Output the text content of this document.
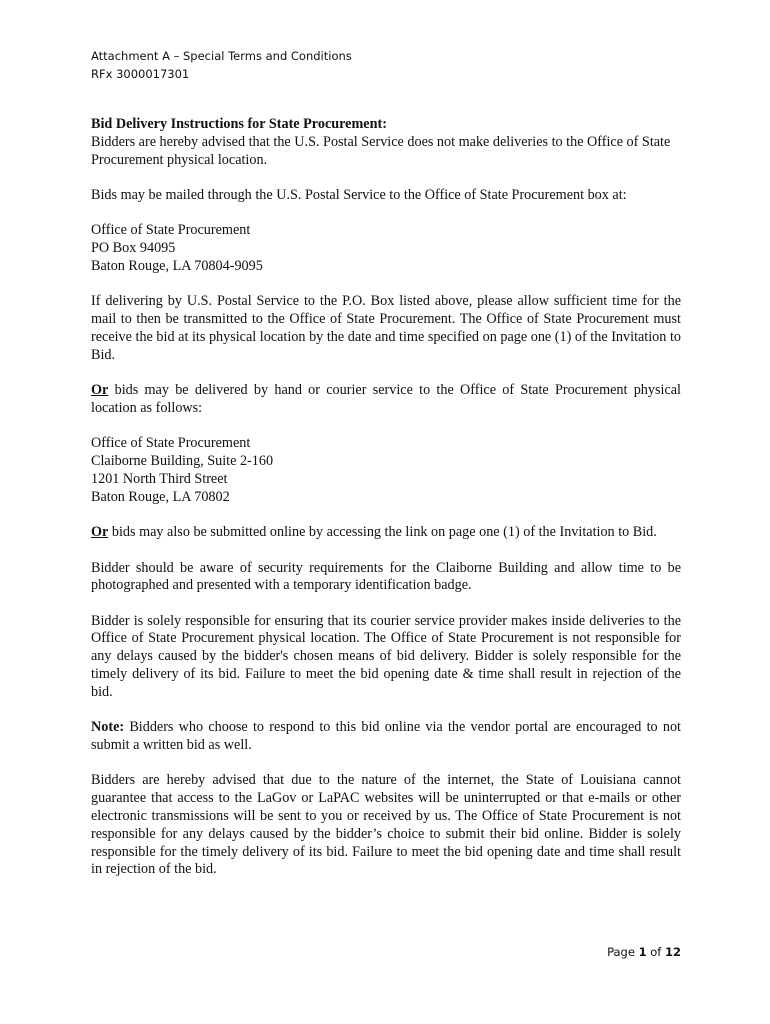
Attachment A – Special Terms and Conditions
RFx 3000017301
Bid Delivery Instructions for State Procurement:

Bidders are hereby advised that the U.S. Postal Service does not make deliveries to the Office of State Procurement physical location.

Bids may be mailed through the U.S. Postal Service to the Office of State Procurement box at:

Office of State Procurement
PO Box 94095
Baton Rouge, LA 70804-9095

If delivering by U.S. Postal Service to the P.O. Box listed above, please allow sufficient time for the mail to then be transmitted to the Office of State Procurement. The Office of State Procurement must receive the bid at its physical location by the date and time specified on page one (1) of the Invitation to Bid.

Or bids may be delivered by hand or courier service to the Office of State Procurement physical location as follows:

Office of State Procurement
Claiborne Building, Suite 2-160
1201 North Third Street
Baton Rouge, LA 70802

Or bids may also be submitted online by accessing the link on page one (1) of the Invitation to Bid.

Bidder should be aware of security requirements for the Claiborne Building and allow time to be photographed and presented with a temporary identification badge.

Bidder is solely responsible for ensuring that its courier service provider makes inside deliveries to the Office of State Procurement physical location. The Office of State Procurement is not responsible for any delays caused by the bidder's chosen means of bid delivery. Bidder is solely responsible for the timely delivery of its bid. Failure to meet the bid opening date & time shall result in rejection of the bid.

Note: Bidders who choose to respond to this bid online via the vendor portal are encouraged to not submit a written bid as well.

Bidders are hereby advised that due to the nature of the internet, the State of Louisiana cannot guarantee that access to the LaGov or LaPAC websites will be uninterrupted or that e-mails or other electronic transmissions will be sent to you or received by us. The Office of State Procurement is not responsible for any delays caused by the bidder’s choice to submit their bid online. Bidder is solely responsible for the timely delivery of its bid. Failure to meet the bid opening date and time shall result in rejection of the bid.

Page 1 of 12
